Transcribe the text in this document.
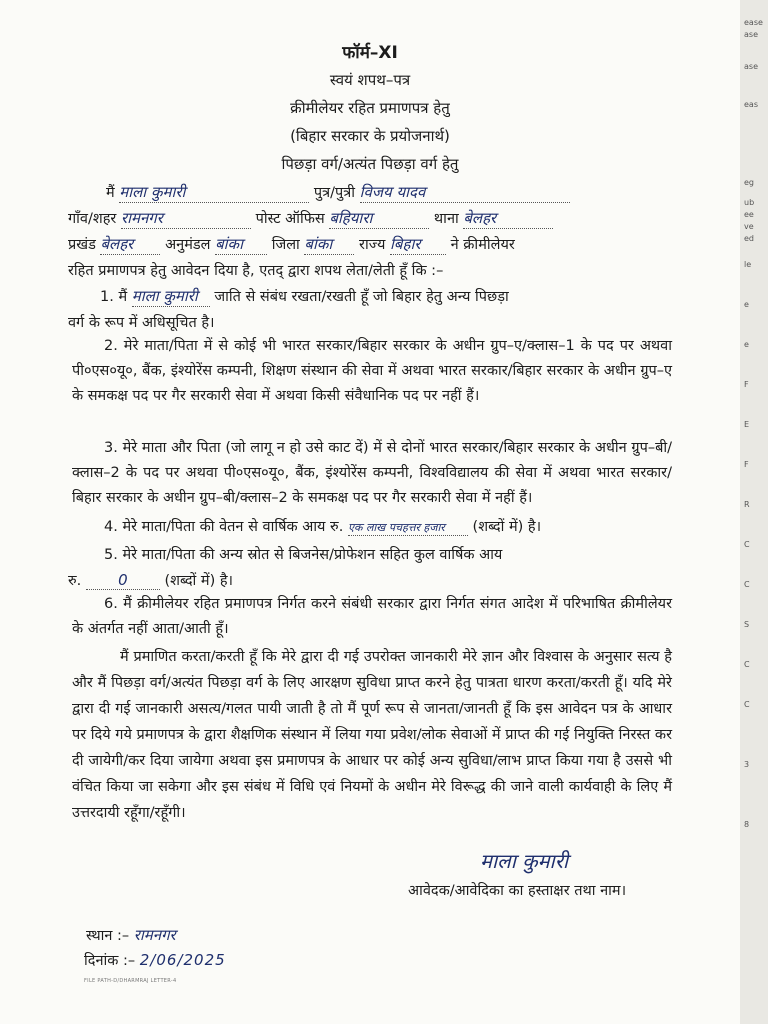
फॉर्म–XI
स्वयं शपथ–पत्र
क्रीमीलेयर रहित प्रमाणपत्र हेतु
(बिहार सरकार के प्रयोजनार्थ)
पिछड़ा वर्ग/अत्यंत पिछड़ा वर्ग हेतु
मैं माला कुमारी	पुत्र/पुत्री विजय यादव
गाँव/शहर रामनगर	पोस्ट ऑफिस बहियारा	थाना बेलहर
प्रखंड बेलहर अनुमंडल बांका जिला बांका राज्य बिहार ने क्रीमीलेयर
रहित प्रमाणपत्र हेतु आवेदन दिया है, एतद् द्वारा शपथ लेता/लेती हूँ कि :–
1. मैं माला कुमारी जाति से संबंध रखता/रखती हूँ जो बिहार हेतु अन्य पिछड़ा
वर्ग के रूप में अधिसूचित है।
2. मेरे माता/पिता में से कोई भी भारत सरकार/बिहार सरकार के अधीन ग्रुप–ए/क्लास–1 के पद पर अथवा पी०एस०यू०, बैंक, इंश्योरेंस कम्पनी, शिक्षण संस्थान की सेवा में अथवा भारत सरकार/बिहार सरकार के अधीन ग्रुप–ए के समकक्ष पद पर गैर सरकारी सेवा में अथवा किसी संवैधानिक पद पर नहीं हैं।
3. मेरे माता और पिता (जो लागू न हो उसे काट दें) में से दोनों भारत सरकार/बिहार सरकार के अधीन ग्रुप–बी/क्लास–2 के पद पर अथवा पी०एस०यू०, बैंक, इंश्योरेंस कम्पनी, विश्वविद्यालय की सेवा में अथवा भारत सरकार/बिहार सरकार के अधीन ग्रुप–बी/क्लास–2 के समकक्ष पद पर गैर सरकारी सेवा में नहीं हैं।
4. मेरे माता/पिता की वेतन से वार्षिक आय रु. एक लाख पचहत्तर हजार (शब्दों में) है।
5. मेरे माता/पिता की अन्य स्रोत से बिजनेस/प्रोफेशन सहित कुल वार्षिक आय
रु. 0	(शब्दों में) है।
6. मैं क्रीमीलेयर रहित प्रमाणपत्र निर्गत करने संबंधी सरकार द्वारा निर्गत संगत आदेश में परिभाषित क्रीमीलेयर के अंतर्गत नहीं आता/आती हूँ।
मैं प्रमाणित करता/करती हूँ कि मेरे द्वारा दी गई उपरोक्त जानकारी मेरे ज्ञान और विश्वास के अनुसार सत्य है और मैं पिछड़ा वर्ग/अत्यंत पिछड़ा वर्ग के लिए आरक्षण सुविधा प्राप्त करने हेतु पात्रता धारण करता/करती हूँ। यदि मेरे द्वारा दी गई जानकारी असत्य/गलत पायी जाती है तो मैं पूर्ण रूप से जानता/जानती हूँ कि इस आवेदन पत्र के आधार पर दिये गये प्रमाणपत्र के द्वारा शैक्षणिक संस्थान में लिया गया प्रवेश/लोक सेवाओं में प्राप्त की गई नियुक्ति निरस्त कर दी जायेगी/कर दिया जायेगा अथवा इस प्रमाणपत्र के आधार पर कोई अन्य सुविधा/लाभ प्राप्त किया गया है उससे भी वंचित किया जा सकेगा और इस संबंध में विधि एवं नियमों के अधीन मेरे विरूद्ध की जाने वाली कार्यवाही के लिए मैं उत्तरदायी रहूँगा/रहूँगी।
माला कुमारी
आवेदक/आवेदिका का हस्ताक्षर तथा नाम।
स्थान :– रामनगर
दिनांक :– 2/06/2025
FILE PATH-D/DHARMRAJ LETTER-4
ease
ase
ase
eas
eg
ub
ee
ve
ed
le
e
e
F
E
F
R
C
C
S
C
C
3
8
